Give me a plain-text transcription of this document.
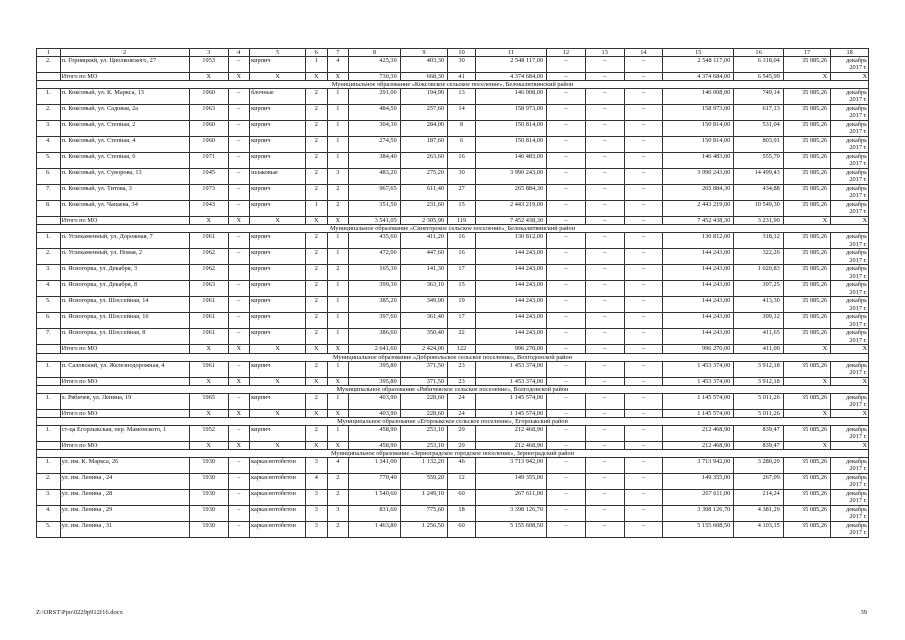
1	2	3	4	5	6	7	8	9	10	11	12	13	14	15	16	17	18
2.	п. Горняцкий, ул. Циолковского, 27	1953	–	кирпич	1	4	425,30	403,30	30	2 548 117,00	–	–	–	2 548 117,00	6 318,04	35 085,26	декабрь 2017 г.
	Итого по МО	X	X	X	X	X	730,30	668,30	41	4 374 684,00	–	–	–	4 374 684,00	6 545,99	X	X
Муниципальное образование «Коксовское сельское поселение», Белокалитвинский район																	
1.	п. Коксовый, ул. К. Маркса, 13	1960	–	блочные	2	1	291,00	194,90	13	146 008,00	–	–	–	146 008,00	749,14	35 085,26	декабрь 2017 г.
2.	п. Коксовый, ул. Садовая, 2а	1963	–	кирпич	2	1	484,50	257,60	14	158 973,00	–	–	–	158 973,00	617,13	35 085,26	декабрь 2017 г.
3.	п. Коксовый, ул. Степная, 2	1960	–	кирпич	2	1	304,30	284,00	8	150 814,00	–	–	–	150 814,00	531,04	35 085,26	декабрь 2017 г.
4.	п. Коксовый, ул. Степная, 4	1960	–	кирпич	2	1	274,50	187,60	6	150 814,00	–	–	–	150 814,00	803,91	35 085,26	декабрь 2017 г.
5.	п. Коксовый, ул. Степная, 6	1971	–	кирпич	2	1	384,40	263,60	16	146 483,00	–	–	–	146 483,00	555,70	35 085,26	декабрь 2017 г.
6.	п. Коксовый, ул. Суворова, 13	1945	–	шлаковые	2	3	483,20	275,20	30	3 990 243,00	–	–	–	3 990 243,00	14 499,43	35 085,26	декабрь 2017 г.
7.	п. Коксовый, ул. Титова, 3	1973	–	кирпич	2	2	967,65	611,40	27	265 884,30	–	–	–	265 884,30	434,88	35 085,26	декабрь 2017 г.
8.	п. Коксовый, ул. Чапаева, 34	1943	–	кирпич	1	2	351,50	231,60	15	2 443 219,00	–	–	–	2 443 219,00	10 549,30	35 085,26	декабрь 2017 г.
	Итого по МО	X	X	X	X	X	3 541,05	2 305,90	119	7 452 438,30	–	–	–	7 452 438,30	3 231,90	X	X
Муниципальное образование «Синегорское сельское поселение», Белокалитвинский район																	
1.	п. Углекаменный, ул. Дорожная, 7	1961	–	кирпич	2	1	435,60	411,20	16	130 812,00	–	–	–	130 812,00	318,12	35 085,26	декабрь 2017 г.
2.	п. Углекаменный, ул. Новая, 2	1962	–	кирпич	2	1	472,00	447,60	16	144 243,00	–	–	–	144 243,00	322,26	35 085,26	декабрь 2017 г.
3.	п. Ясногорка, ул. Декабря, 3	1962		кирпич	2	2	165,30	141,30	17	144 243,00	–	–	–	144 243,00	1 020,83	35 085,26	декабрь 2017 г.
4.	п. Ясногорка, ул. Декабря, 8	1963	–	кирпич	2	1	399,30	363,10	15	144 243,00	–	–	–	144 243,00	397,25	35 085,26	декабрь 2017 г.
5.	п. Ясногорка, ул. Шоссейная, 14	1961	–	кирпич	2	1	385,20	349,00	19	144 243,00	–	–	–	144 243,00	413,30	35 085,26	декабрь 2017 г.
6.	п. Ясногорка, ул. Шоссейная, 16	1961	–	кирпич	2	1	397,60	361,40	17	144 243,00	–	–	–	144 243,00	399,12	35 085,26	декабрь 2017 г.
7.	п. Ясногорка, ул. Шоссейная, 8	1961	–	кирпич	2	1	386,60	350,40	22	144 243,00	–	–	–	144 243,00	411,65	35 085,26	декабрь 2017 г.
	Итого по МО	X	X	X	X	X	2 641,60	2 424,00	122	996 270,00	–	–	–	996 270,00	411,00	X	X
Муниципальное образование «Добровольское сельское поселение», Волгодонской район																	
1.	п. Саловский, ул. Железнодорожная, 4	1961	–	кирпич	2	1	395,80	371,50	23	1 453 374,00	–	–	–	1 453 374,00	3 912,18	35 085,26	декабрь 2017 г.
	Итого по МО	X	X	X	X	X	395,80	371,50	23	1 453 374,00	–	–	–	1 453 374,00	3 912,18	X	X
Муниципальное образование «Рябичевское сельское поселение», Волгодонской район																	
1.	х. Рябичев, ул. Ленина, 19	1965	–	кирпич	2	1	403,90	228,60	24	1 145 574,00	–	–	–	1 145 574,00	5 011,26	35 085,26	декабрь 2017 г.
	Итого по МО	X	X	X	X	X	403,90	228,60	24	1 145 574,00	–	–	–	1 145 574,00	5 011,26	X	X
Муниципальное образование «Егорлыкское сельское поселение», Егорлыкский район																	
1.	ст-ца Егорлыкская, пер. Мамонского, 1	1952	–	кирпич	2	1	458,90	253,10	29	212 468,90	–	–	–	212 468,90	839,47	35 085,26	декабрь 2017 г.
	Итого по МО	X	X	X	X	X	458,90	253,10	29	212 468,90	–	–	–	212 468,90	839,47	X	X
Муниципальное образование «Зерноградское городское поселение», Зерноградский район																	
1.	ул. им. К. Маркса, 26	1930	–	каркаснотобетон	3	4	1 341,00	1 132,20	46	3 713 942,00	–	–	–	3 713 942,00	3 280,29	35 085,26	декабрь 2017 г.
2.	ул. им. Ленина , 24	1930	–	каркаснотобетон	4	2	770,40	559,20	12	149 355,00	–	–	–	149 355,00	267,09	35 085,26	декабрь 2017 г.
3.	ул. им. Ленина , 28	1930	–	каркаснотобетон	3	2	1 540,60	1 249,10	60	267 611,00	–	–	–	267 611,00	214,24	35 085,26	декабрь 2017 г.
4.	ул. им. Ленина , 29	1930	–	каркаснотобетон	3	3	831,60	775,60	18	3 398 126,70	–	–	–	3 398 126,70	4 381,29	35 085,26	декабрь 2017 г.
5.	ул. им. Ленина , 31	1930	–	каркаснотобетон	3	2	1 463,80	1 256,50	60	5 155 608,50	–	–	–	5 155 608,50	4 103,15	35 085,26	декабрь 2017 г.
Z:\ORST\Ppo\0229p912f16.docx	39
